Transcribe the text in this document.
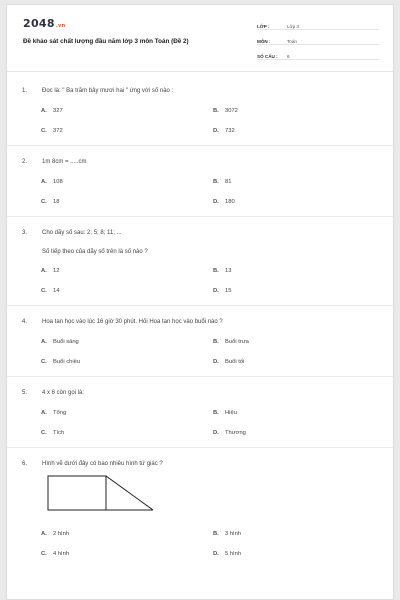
2048.vn
Đề khảo sát chất lượng đầu năm lớp 3 môn Toán (Đề 2)
LỚP :	Lớp 3
MÔN :	Toán
SỐ CÂU :	6
1.	Đọc là: " Ba trăm bảy mươi hai " ứng với số nào :
A.	327	B.	3072
C.	372	D.	732
2.	1m 8cm = .....cm
A.	108	B.	81
C.	18	D.	180
3.	Cho dãy số sau: 2; 5; 8; 11; ...
Số tiếp theo của dãy số trên là số nào ?
A.	12	B.	13
C.	14	D.	15
4.	Hoa tan học vào lúc 16 giờ 30 phút. Hỏi Hoa tan học vào buổi nào ?
A.	Buổi sáng	B.	Buổi trưa
C.	Buổi chiều	D.	Buổi tối
5.	4 x 6 còn gọi là:
A.	Tổng	B.	Hiệu
C.	Tích	D.	Thương
6.	Hình vẽ dưới đây có bao nhiêu hình tứ giác ?
A.	2 hình	B.	3 hình
C.	4 hình	D.	5 hình
